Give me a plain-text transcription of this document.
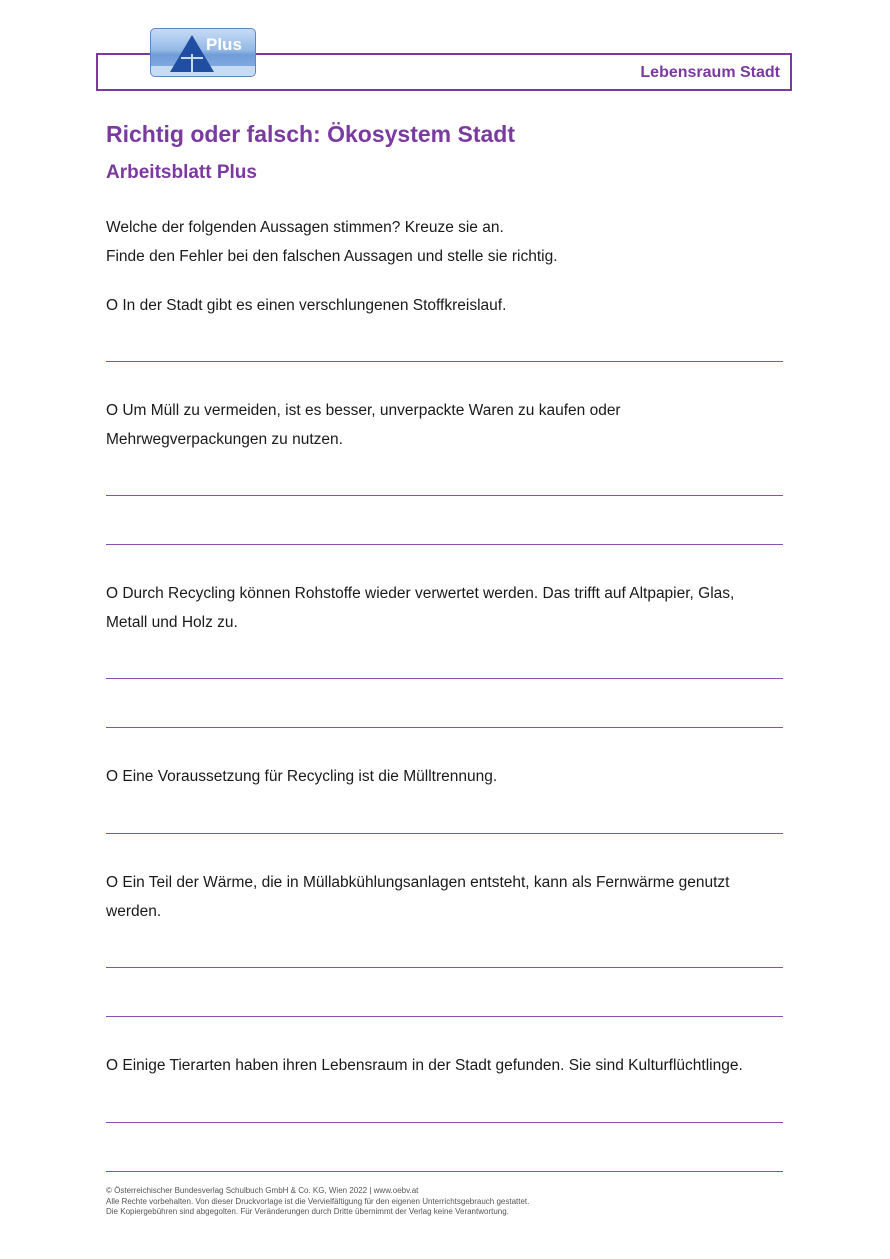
Lebensraum Stadt
Plus
Richtig oder falsch: Ökosystem Stadt
Arbeitsblatt Plus
Welche der folgenden Aussagen stimmen? Kreuze sie an.
Finde den Fehler bei den falschen Aussagen und stelle sie richtig.
O In der Stadt gibt es einen verschlungenen Stoffkreislauf.
O Um Müll zu vermeiden, ist es besser, unverpackte Waren zu kaufen oder
Mehrwegverpackungen zu nutzen.
O Durch Recycling können Rohstoffe wieder verwertet werden. Das trifft auf Altpapier, Glas,
Metall und Holz zu.
O Eine Voraussetzung für Recycling ist die Mülltrennung.
O Ein Teil der Wärme, die in Müllabkühlungsanlagen entsteht, kann als Fernwärme genutzt
werden.
O Einige Tierarten haben ihren Lebensraum in der Stadt gefunden. Sie sind Kulturflüchtlinge.
© Österreichischer Bundesverlag Schulbuch GmbH & Co. KG, Wien 2022 | www.oebv.at
Alle Rechte vorbehalten. Von dieser Druckvorlage ist die Vervielfältigung für den eigenen Unterrichtsgebrauch gestattet.
Die Kopiergebühren sind abgegolten. Für Veränderungen durch Dritte übernimmt der Verlag keine Verantwortung.
